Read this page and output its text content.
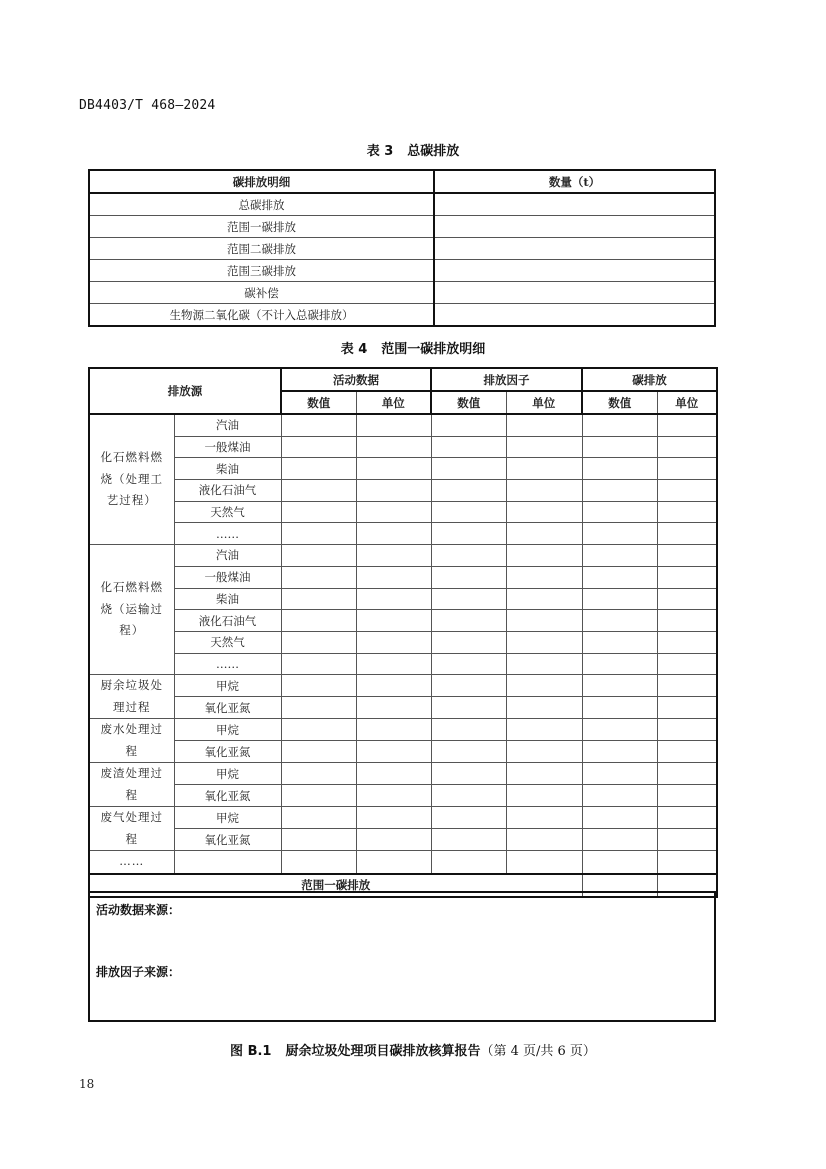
DB4403/T 468—2024
表 3 总碳排放
碳排放明细	数量（t）
总碳排放	
范围一碳排放	
范围二碳排放	
范围三碳排放	
碳补偿	
生物源二氧化碳（不计入总碳排放）	
表 4 范围一碳排放明细
排放源		活动数据		排放因子		碳排放	
		数值	单位	数值	单位	数值	单位
化石燃料燃烧（处理工艺过程）	汽油						
	一般煤油						
	柴油						
	液化石油气						
	天然气						
	……						
化石燃料燃烧（运输过程）	汽油						
	一般煤油						
	柴油						
	液化石油气						
	天然气						
	……						
厨余垃圾处理过程	甲烷						
	氧化亚氮						
废水处理过程	甲烷						
	氧化亚氮						
废渣处理过程	甲烷						
	氧化亚氮						
废气处理过程	甲烷						
	氧化亚氮						
……							
范围一碳排放							
活动数据来源：
排放因子来源：
图 B.1 厨余垃圾处理项目碳排放核算报告（第 4 页/共 6 页）
18
